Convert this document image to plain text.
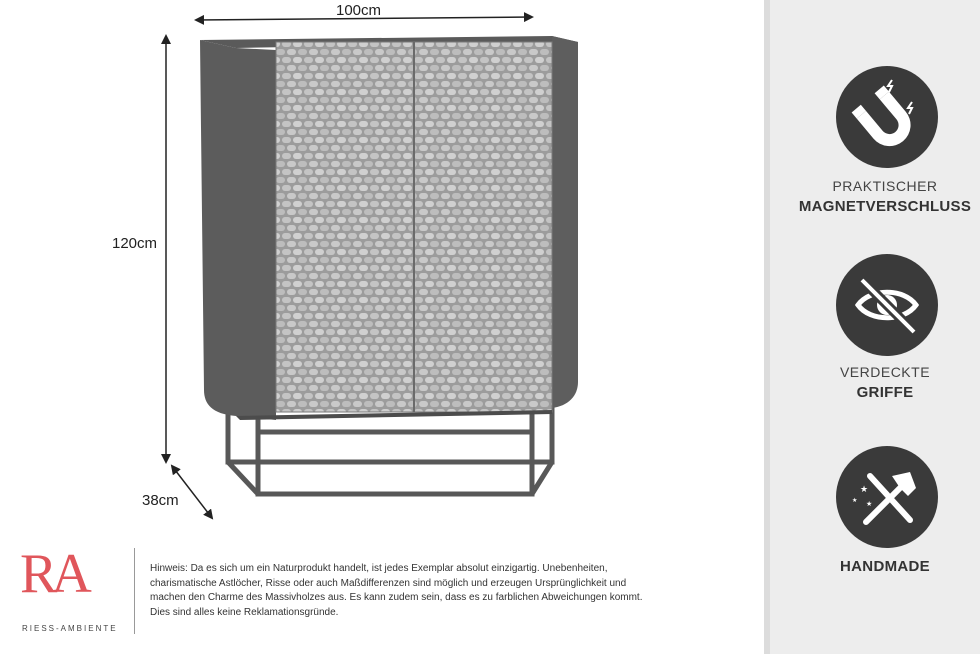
100cm
120cm
38cm
RA
RIESS-AMBIENTE
Hinweis: Da es sich um ein Naturprodukt handelt, ist jedes Exemplar absolut einzigartig. Unebenheiten,
charismatische Astlöcher, Risse oder auch Maßdifferenzen sind möglich und erzeugen Ursprünglichkeit und
machen den Charme des Massivholzes aus. Es kann zudem sein, dass es zu farblichen Abweichungen kommt.
Dies sind alles keine Reklamationsgründe.
PRAKTISCHER
MAGNETVERSCHLUSS
VERDECKTE
GRIFFE
★
★
★
HANDMADE
